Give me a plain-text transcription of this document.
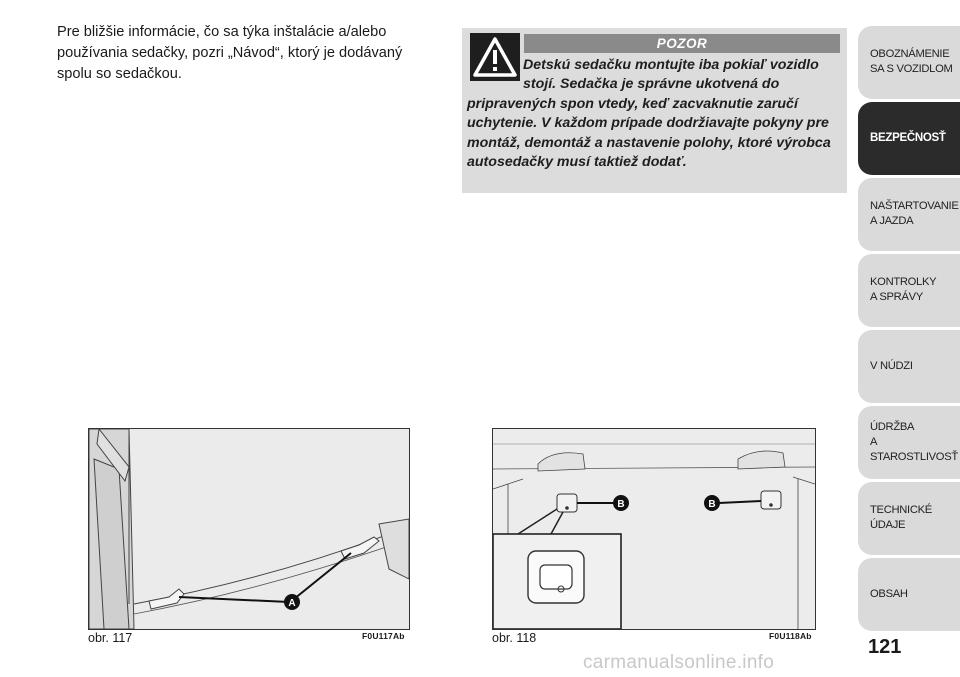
Pre bližšie informácie, čo sa týka inštalácie a/alebo používania sedačky, pozri „Návod“, ktorý je dodávaný spolu so sedačkou.
POZOR
Detskú sedačku montujte iba pokiaľ vozidlo stojí. Sedačka je správne ukotvená do pripravených spon vtedy, keď zacvaknutie zaručí uchytenie. V každom prípade dodržiavajte pokyny pre montáž, demontáž a nastavenie polohy, ktoré výrobca autosedačky musí taktiež dodať.
A
obr. 117	F0U117Ab
B	B
obr. 118	F0U118Ab
OBOZNÁMENIE
SA S VOZIDLOM
BEZPEČNOSŤ
NAŠTARTOVANIE
A JAZDA
KONTROLKY
A SPRÁVY
V NÚDZI
ÚDRŽBA
A STAROSTLIVOSŤ
TECHNICKÉ
ÚDAJE
OBSAH
121
carmanualsonline.info
